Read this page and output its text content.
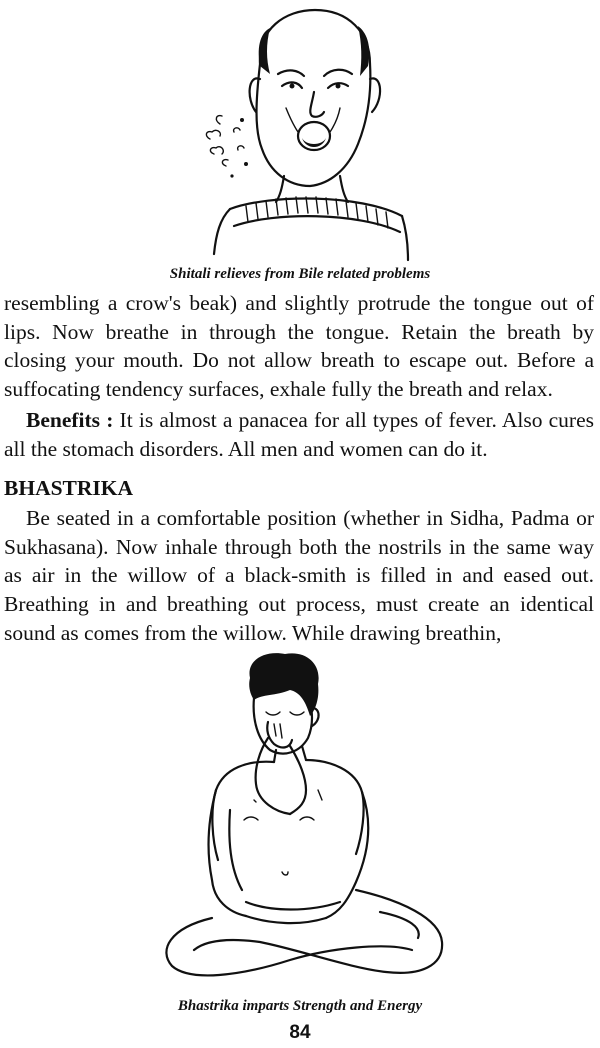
Shitali relieves from Bile related problems

resembling a crow's beak) and slightly protrude the tongue out of lips. Now breathe in through the tongue. Retain the breath by closing your mouth. Do not allow breath to escape out. Before a suffocating tendency surfaces, exhale fully the breath and relax.

Benefits : It is almost a panacea for all types of fever. Also cures all the stomach disorders. All men and women can do it.

BHASTRIKA

Be seated in a comfortable position (whether in Sidha, Padma or Sukhasana). Now inhale through both the nostrils in the same way as air in the willow of a black-smith is filled in and eased out. Breathing in and breathing out process, must create an identical sound as comes from the willow. While drawing breathin,

Bhastrika imparts Strength and Energy
84
